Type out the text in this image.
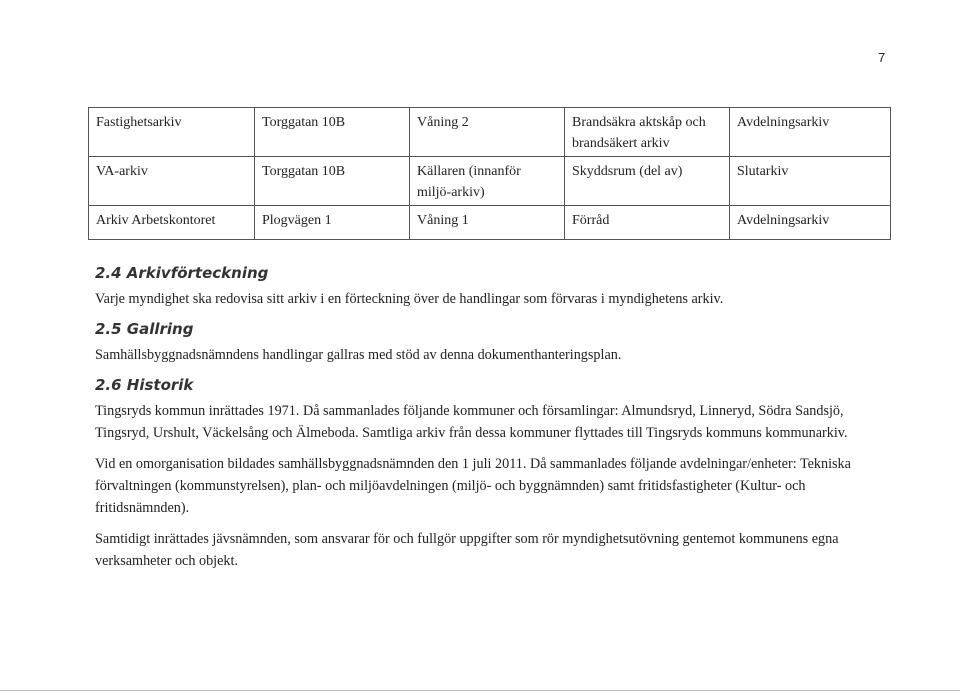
7
Fastighetsarkiv	Torggatan 10B	Våning 2	Brandsäkra aktskåp och brandsäkert arkiv	Avdelningsarkiv
VA-arkiv	Torggatan 10B	Källaren (innanför miljö-arkiv)	Skyddsrum (del av)	Slutarkiv
Arkiv Arbetskontoret	Plogvägen 1	Våning 1	Förråd	Avdelningsarkiv
2.4 Arkivförteckning

Varje myndighet ska redovisa sitt arkiv i en förteckning över de handlingar som förvaras i myndighetens arkiv.

2.5 Gallring

Samhällsbyggnadsnämndens handlingar gallras med stöd av denna dokumenthanteringsplan.

2.6 Historik

Tingsryds kommun inrättades 1971. Då sammanlades följande kommuner och församlingar: Almundsryd, Linneryd, Södra Sandsjö, Tingsryd, Urshult, Väckelsång och Älmeboda. Samtliga arkiv från dessa kommuner flyttades till Tingsryds kommuns kommunarkiv.

Vid en omorganisation bildades samhällsbyggnadsnämnden den 1 juli 2011. Då sammanlades följande avdelningar/enheter: Tekniska förvaltningen (kommunstyrelsen), plan- och miljöavdelningen (miljö- och byggnämnden) samt fritidsfastigheter (Kultur- och fritidsnämnden).

Samtidigt inrättades jävsnämnden, som ansvarar för och fullgör uppgifter som rör myndighetsutövning gentemot kommunens egna verksamheter och objekt.
